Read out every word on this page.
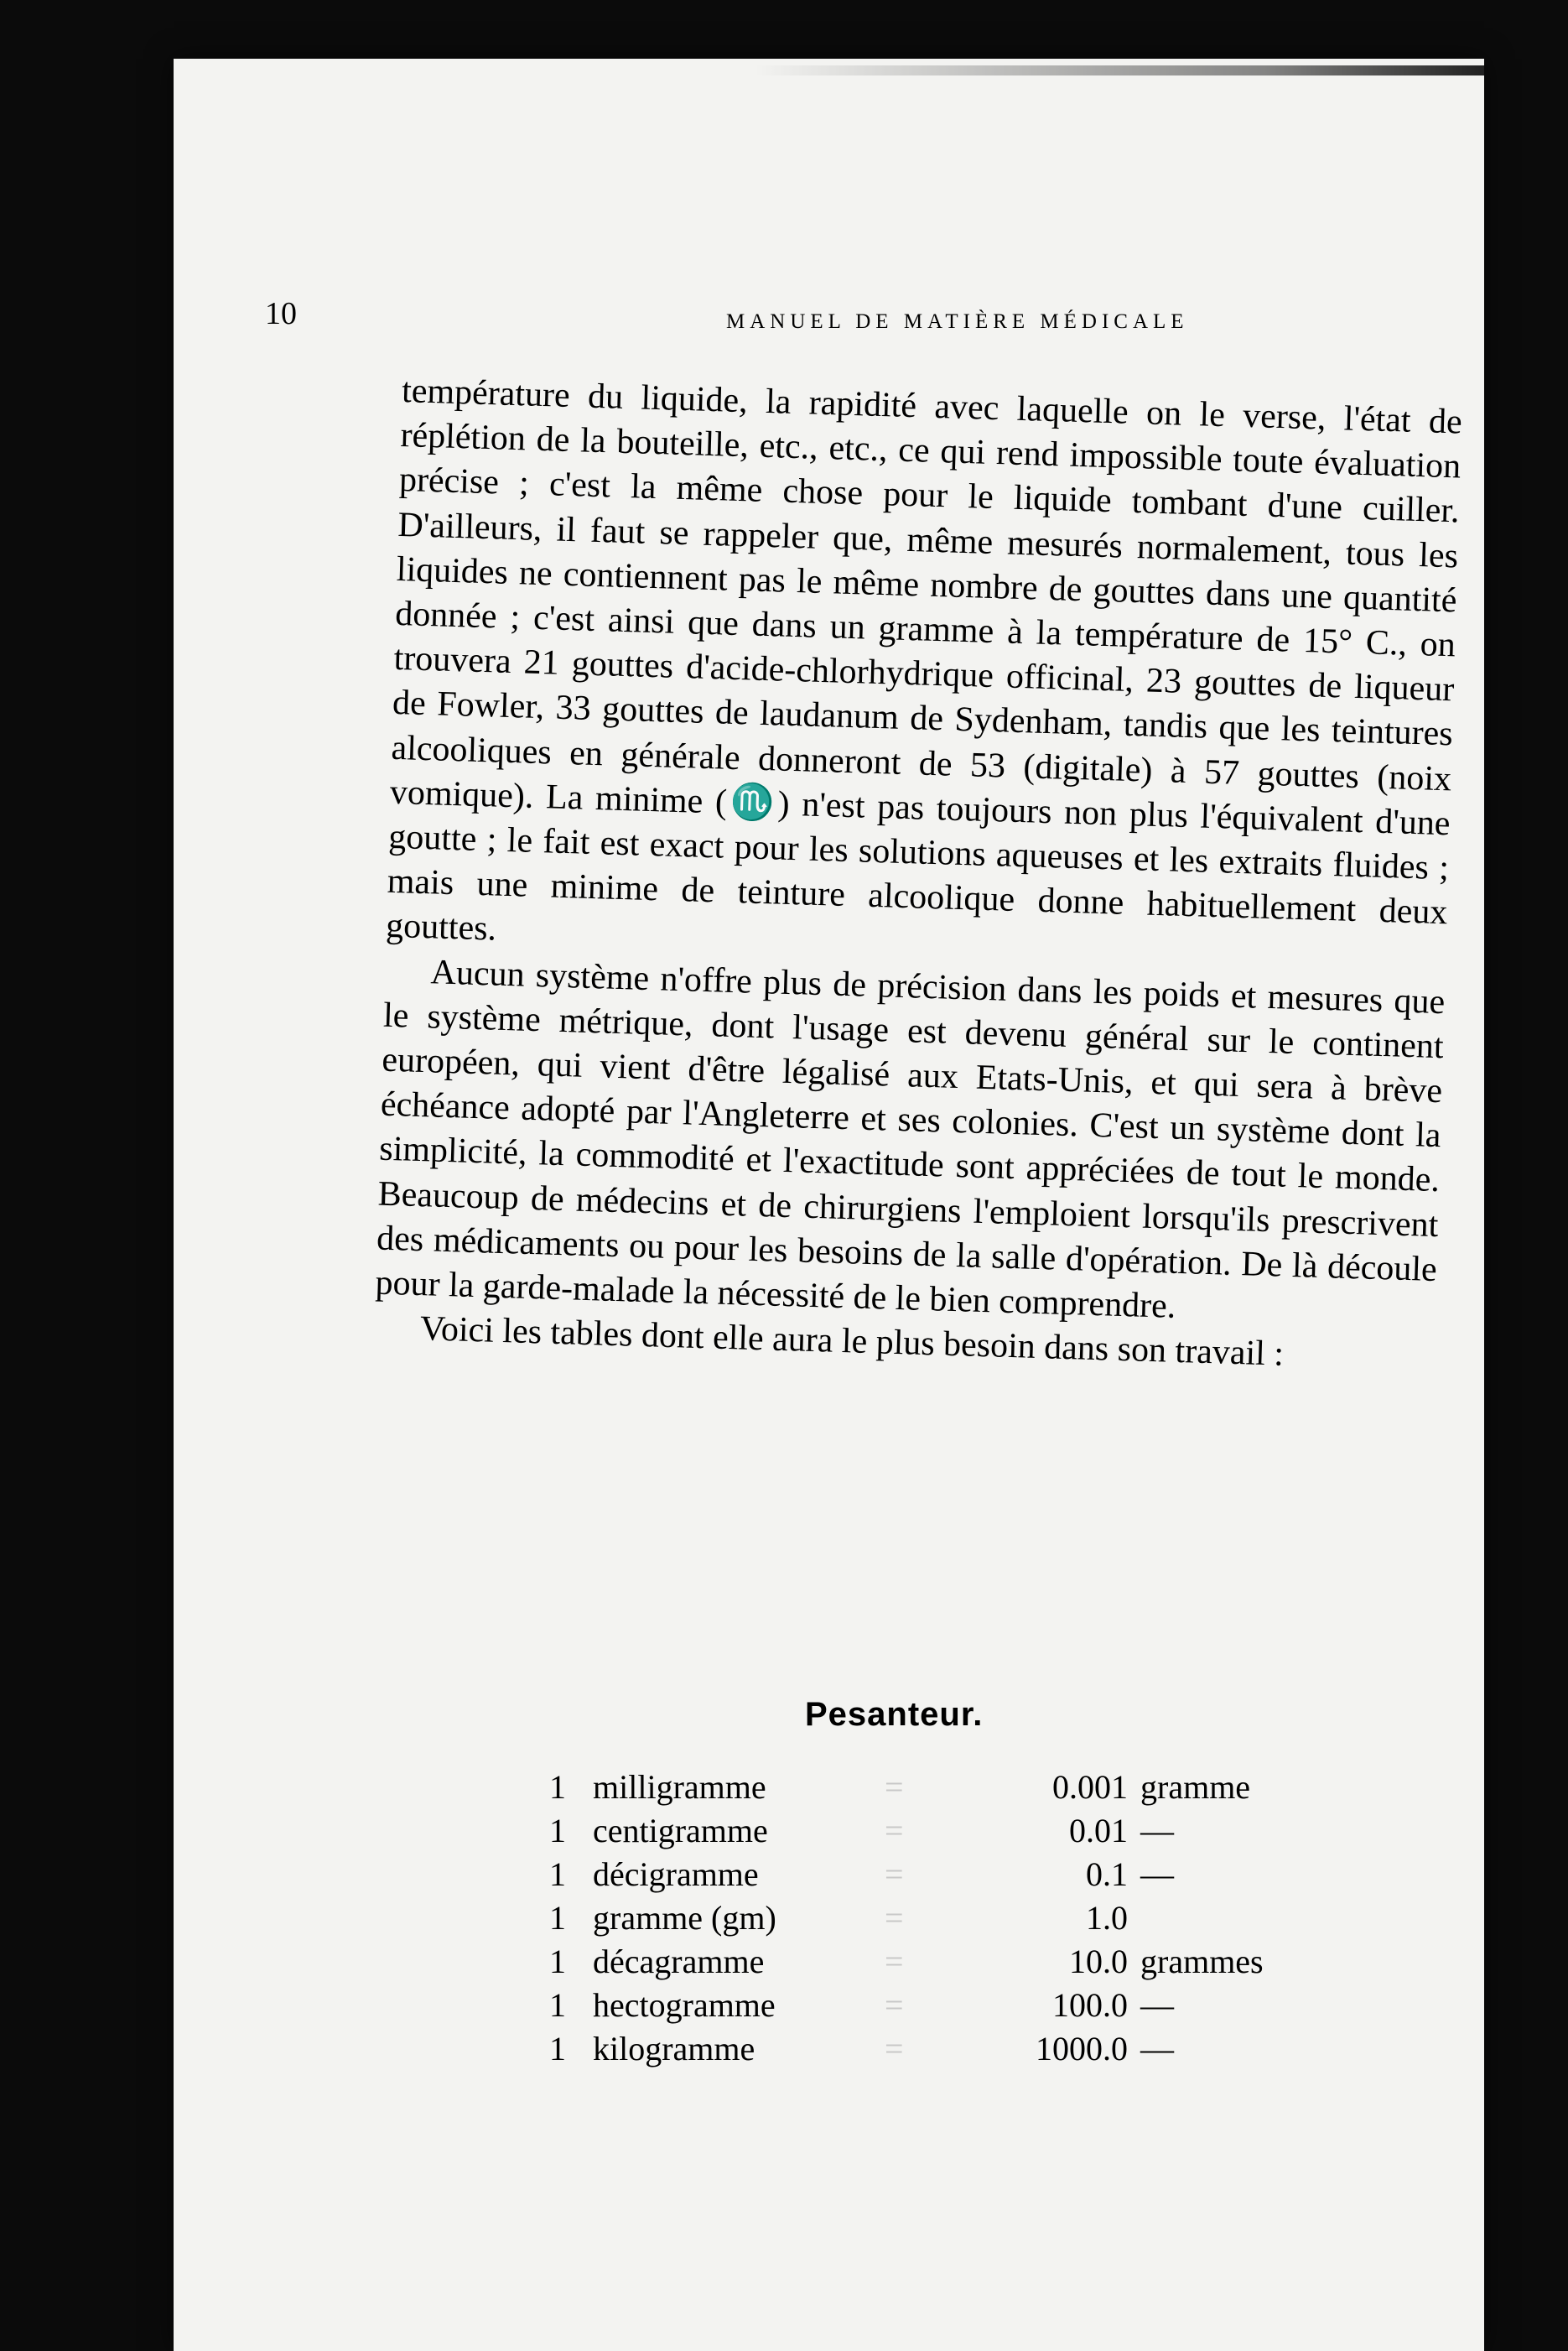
10	MANUEL DE MATIÈRE MÉDICALE

température du liquide, la rapidité avec laquelle on le verse, l'état de réplétion de la bouteille, etc., etc., ce qui rend impossible toute évaluation précise ; c'est la même chose pour le liquide tombant d'une cuiller. D'ailleurs, il faut se rappeler que, même mesurés normalement, tous les liquides ne contiennent pas le même nombre de gouttes dans une quantité donnée ; c'est ainsi que dans un gramme à la température de 15° C., on trouvera 21 gouttes d'acide-chlorhydrique officinal, 23 gouttes de liqueur de Fowler, 33 gouttes de laudanum de Sydenham, tandis que les teintures alcooliques en générale donneront de 53 (digitale) à 57 gouttes (noix vomique). La minime (♏) n'est pas toujours non plus l'équivalent d'une goutte ; le fait est exact pour les solutions aqueuses et les extraits fluides ; mais une minime de teinture alcoolique donne habituellement deux gouttes.

Aucun système n'offre plus de précision dans les poids et mesures que le système métrique, dont l'usage est devenu général sur le continent européen, qui vient d'être légalisé aux Etats-Unis, et qui sera à brève échéance adopté par l'Angleterre et ses colonies. C'est un système dont la simplicité, la commodité et l'exactitude sont appréciées de tout le monde. Beaucoup de médecins et de chirurgiens l'emploient lorsqu'ils prescrivent des médicaments ou pour les besoins de la salle d'opération. De là découle pour la garde-malade la nécessité de le bien comprendre.

Voici les tables dont elle aura le plus besoin dans son travail :

Pesanteur.
1 milligramme	=	0.001 gramme
1 centigramme	=	0.01 —
1 décigramme	=	0.1 —
1 gramme (gm)	=	1.0
1 décagramme	=	10.0 grammes
1 hectogramme	=	100.0 —
1 kilogramme	=	1000.0 —
